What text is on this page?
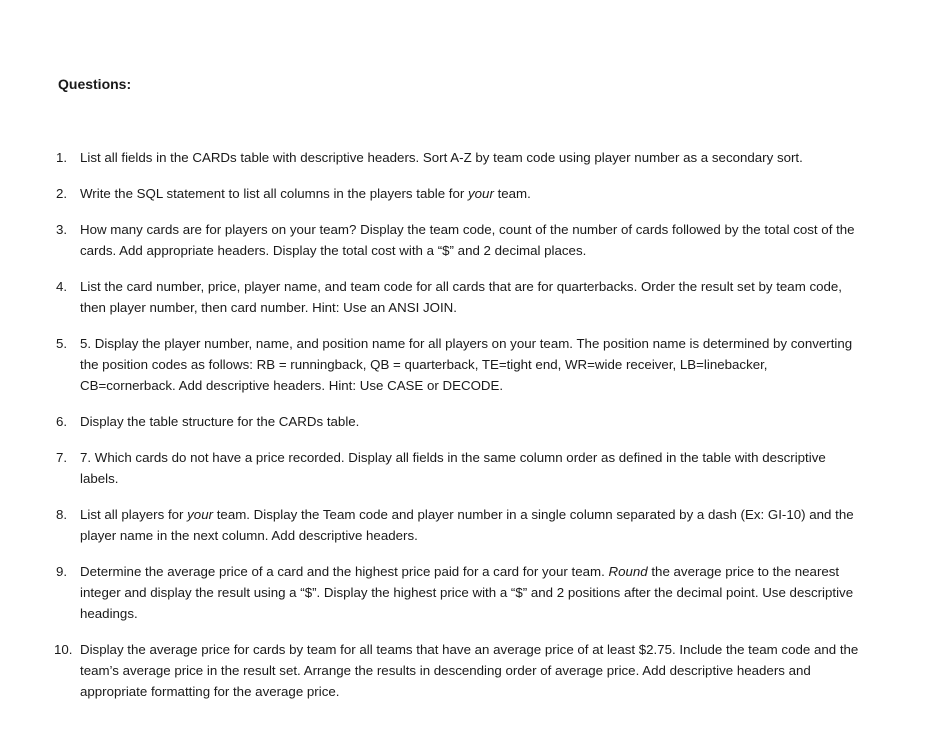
Questions:
1. List all fields in the CARDs table with descriptive headers. Sort A-Z by team code using player number as a secondary sort.
2. Write the SQL statement to list all columns in the players table for your team.
3. How many cards are for players on your team? Display the team code, count of the number of cards followed by the total cost of the cards. Add appropriate headers. Display the total cost with a “$” and 2 decimal places.
4. List the card number, price, player name, and team code for all cards that are for quarterbacks. Order the result set by team code, then player number, then card number. Hint: Use an ANSI JOIN.
5. 5. Display the player number, name, and position name for all players on your team. The position name is determined by converting the position codes as follows: RB = runningback, QB = quarterback, TE=tight end, WR=wide receiver, LB=linebacker, CB=cornerback. Add descriptive headers. Hint: Use CASE or DECODE.
6. Display the table structure for the CARDs table.
7. 7. Which cards do not have a price recorded. Display all fields in the same column order as defined in the table with descriptive labels.
8. List all players for your team. Display the Team code and player number in a single column separated by a dash (Ex: GI-10) and the player name in the next column. Add descriptive headers.
9. Determine the average price of a card and the highest price paid for a card for your team. Round the average price to the nearest integer and display the result using a “$”. Display the highest price with a “$” and 2 positions after the decimal point. Use descriptive headings.
10. Display the average price for cards by team for all teams that have an average price of at least $2.75. Include the team code and the team’s average price in the result set. Arrange the results in descending order of average price. Add descriptive headers and appropriate formatting for the average price.
